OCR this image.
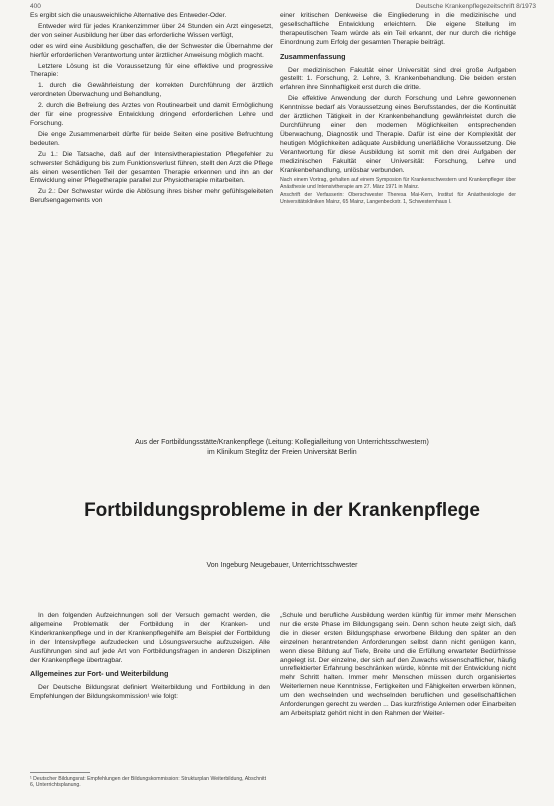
400	Deutsche Krankenpflegezeitschrift 8/1973

Es ergibt sich die unausweichliche Alternative des Entweder-Oder.

Entweder wird für jedes Krankenzimmer über 24 Stunden ein Arzt eingesetzt, der von seiner Ausbildung her über das erforderliche Wissen verfügt,

oder es wird eine Ausbildung geschaffen, die der Schwester die Übernahme der hierfür erforderlichen Verantwortung unter ärztlicher Anweisung möglich macht.

Letztere Lösung ist die Voraussetzung für eine effektive und progressive Therapie:

1. durch die Gewährleistung der korrekten Durchführung der ärztlich verordneten Überwachung und Behandlung,

2. durch die Befreiung des Arztes von Routinearbeit und damit Ermöglichung der für eine progressive Entwicklung dringend erforderlichen Lehre und Forschung.

Die enge Zusammenarbeit dürfte für beide Seiten eine positive Befruchtung bedeuten.

Zu 1.: Die Tatsache, daß auf der Intensivtherapiestation Pflegefehler zu schwerster Schädigung bis zum Funktionsverlust führen, stellt den Arzt die Pflege als einen wesentlichen Teil der gesamten Therapie erkennen und ihn an der Entwicklung einer Pflegetherapie parallel zur Physiotherapie mitarbeiten.

Zu 2.: Der Schwester würde die Ablösung ihres bisher mehr gefühlsgeleiteten Berufsengagements von

einer kritischen Denkweise die Eingliederung in die medizinische und gesellschaftliche Entwicklung erleichtern. Die eigene Stellung im therapeutischen Team würde als ein Teil erkannt, der nur durch die richtige Einordnung zum Erfolg der gesamten Therapie beiträgt.

Zusammenfassung

Der medizinischen Fakultät einer Universität sind drei große Aufgaben gestellt: 1. Forschung, 2. Lehre, 3. Krankenbehandlung. Die beiden ersten erfahren ihre Sinnhaftigkeit erst durch die dritte.

Die effektive Anwendung der durch Forschung und Lehre gewonnenen Kenntnisse bedarf als Voraussetzung eines Berufsstandes, der die Kontinuität der ärztlichen Tätigkeit in der Krankenbehandlung gewährleistet durch die Durchführung einer den modernen Möglichkeiten entsprechenden Überwachung, Diagnostik und Therapie. Dafür ist eine der Komplexität der heutigen Möglichkeiten adäquate Ausbildung unerläßliche Voraussetzung. Die Verantwortung für diese Ausbildung ist somit mit den drei Aufgaben der medizinischen Fakultät einer Universität: Forschung, Lehre und Krankenbehandlung, unlösbar verbunden.

Nach einem Vortrag, gehalten auf einem Symposion für Krankenschwestern und Krankenpfleger über Anästhesie und Intensivtherapie am 27. März 1971 in Mainz.

Anschrift der Verfasserin: Oberschwester Theresa Mai-Kern, Institut für Anästhesiologie der Universitätskliniken Mainz, 65 Mainz, Langenbeckstr. 1, Schwesternhaus I.

Aus der Fortbildungsstätte/Krankenpflege (Leitung: Kollegialleitung von Unterrichtsschwestern)
im Klinikum Steglitz der Freien Universität Berlin
Fortbildungsprobleme in der Krankenpflege
Von Ingeburg Neugebauer, Unterrichtsschwester

In den folgenden Aufzeichnungen soll der Versuch gemacht werden, die allgemeine Problematik der Fortbildung in der Kranken- und Kinderkrankenpflege und in der Krankenpflegehilfe am Beispiel der Fortbildung in der Intensivpflege aufzudecken und Lösungsversuche aufzuzeigen. Alle Ausführungen sind auf jede Art von Fortbildungsfragen in anderen Disziplinen der Krankenpflege übertragbar.

Allgemeines zur Fort- und Weiterbildung

Der Deutsche Bildungsrat definiert Weiterbildung und Fortbildung in den Empfehlungen der Bildungskommission¹ wie folgt:

„Schule und berufliche Ausbildung werden künftig für immer mehr Menschen nur die erste Phase im Bildungsgang sein. Denn schon heute zeigt sich, daß die in dieser ersten Bildungsphase erworbene Bildung den später an den einzelnen herantretenden Anforderungen selbst dann nicht genügen kann, wenn diese Bildung auf Tiefe, Breite und die Erfüllung erwarteter Bedürfnisse angelegt ist. Der einzelne, der sich auf den Zuwachs wissenschaftlicher, häufig unreflektierter Erfahrung beschränken würde, könnte mit der Entwicklung nicht mehr Schritt halten. Immer mehr Menschen müssen durch organisiertes Weiterlernen neue Kenntnisse, Fertigkeiten und Fähigkeiten erwerben können, um den wechselnden und wechselnden beruflichen und gesellschaftlichen Anforderungen gerecht zu werden ... Das kurzfristige Anlernen oder Einarbeiten am Arbeitsplatz gehört nicht in den Rahmen der Weiter-

¹ Deutscher Bildungsrat: Empfehlungen der Bildungskommission: Strukturplan Weiterbildung, Abschnitt 6, Unterrichtsplanung.
